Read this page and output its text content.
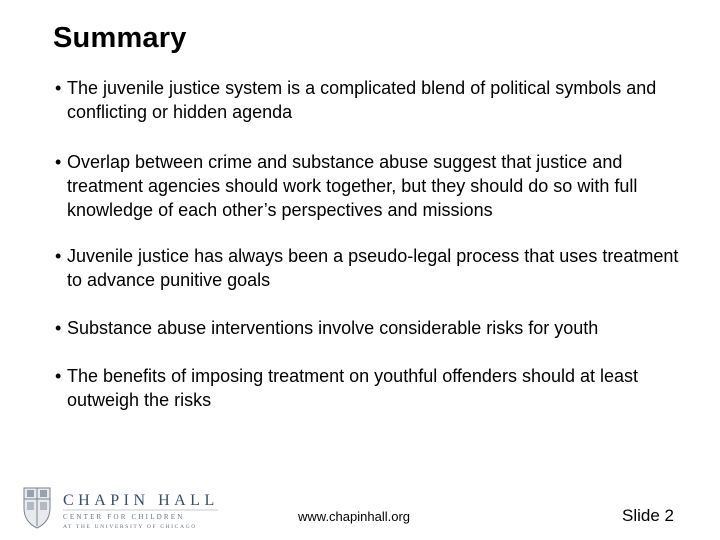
Summary
• The juvenile justice system is a complicated blend of political symbols and conflicting or hidden agenda
• Overlap between crime and substance abuse suggest that justice and treatment agencies should work together, but they should do so with full knowledge of each other’s perspectives and missions
• Juvenile justice has always been a pseudo-legal process that uses treatment to advance punitive goals
• Substance abuse interventions involve considerable risks for youth
• The benefits of imposing treatment on youthful offenders should at least outweigh the risks
CHAPIN HALL
CENTER FOR CHILDREN
AT THE UNIVERSITY OF CHICAGO
www.chapinhall.org	Slide 2
